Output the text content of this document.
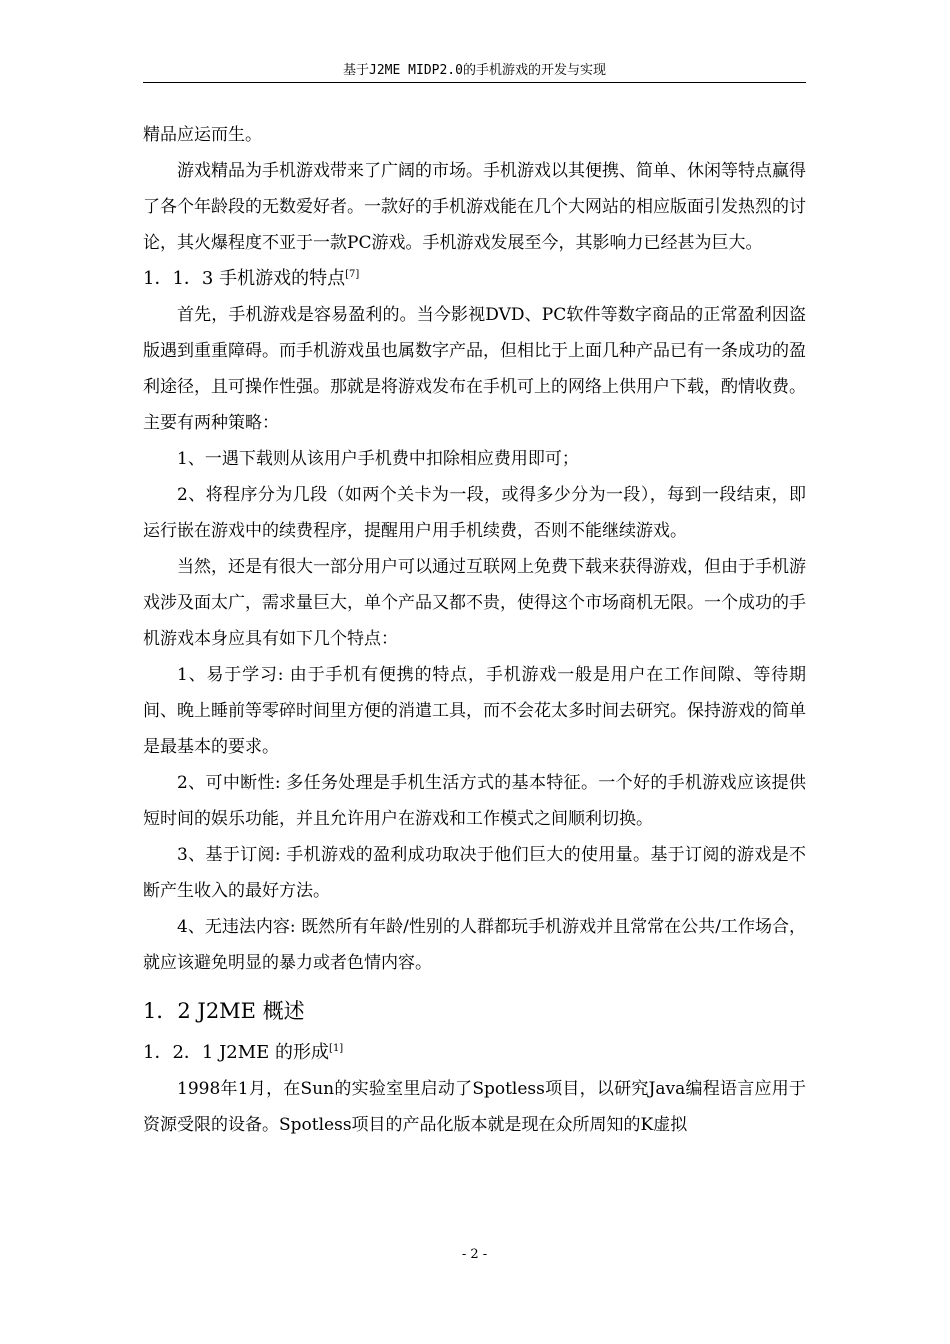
基于J2ME MIDP2.0的手机游戏的开发与实现

精品应运而生。

游戏精品为手机游戏带来了广阔的市场。手机游戏以其便携、简单、休闲等特点赢得了各个年龄段的无数爱好者。一款好的手机游戏能在几个大网站的相应版面引发热烈的讨论，其火爆程度不亚于一款PC游戏。手机游戏发展至今，其影响力已经甚为巨大。

1．1．3 手机游戏的特点[7]

首先，手机游戏是容易盈利的。当今影视DVD、PC软件等数字商品的正常盈利因盗版遇到重重障碍。而手机游戏虽也属数字产品，但相比于上面几种产品已有一条成功的盈利途径，且可操作性强。那就是将游戏发布在手机可上的网络上供用户下载，酌情收费。主要有两种策略：

1、一遇下载则从该用户手机费中扣除相应费用即可；

2、将程序分为几段（如两个关卡为一段，或得多少分为一段），每到一段结束，即运行嵌在游戏中的续费程序，提醒用户用手机续费，否则不能继续游戏。

当然，还是有很大一部分用户可以通过互联网上免费下载来获得游戏，但由于手机游戏涉及面太广，需求量巨大，单个产品又都不贵，使得这个市场商机无限。一个成功的手机游戏本身应具有如下几个特点：

1、易于学习: 由于手机有便携的特点，手机游戏一般是用户在工作间隙、等待期间、晚上睡前等零碎时间里方便的消遣工具，而不会花太多时间去研究。保持游戏的简单是最基本的要求。

2、可中断性: 多任务处理是手机生活方式的基本特征。一个好的手机游戏应该提供短时间的娱乐功能，并且允许用户在游戏和工作模式之间顺利切换。

3、基于订阅: 手机游戏的盈利成功取决于他们巨大的使用量。基于订阅的游戏是不断产生收入的最好方法。

4、无违法内容: 既然所有年龄/性别的人群都玩手机游戏并且常常在公共/工作场合，就应该避免明显的暴力或者色情内容。

1．2 J2ME 概述
1．2．1 J2ME 的形成[1]

1998年1月，在Sun的实验室里启动了Spotless项目，以研究Java编程语言应用于资源受限的设备。Spotless项目的产品化版本就是现在众所周知的K虚拟

- 2 -
